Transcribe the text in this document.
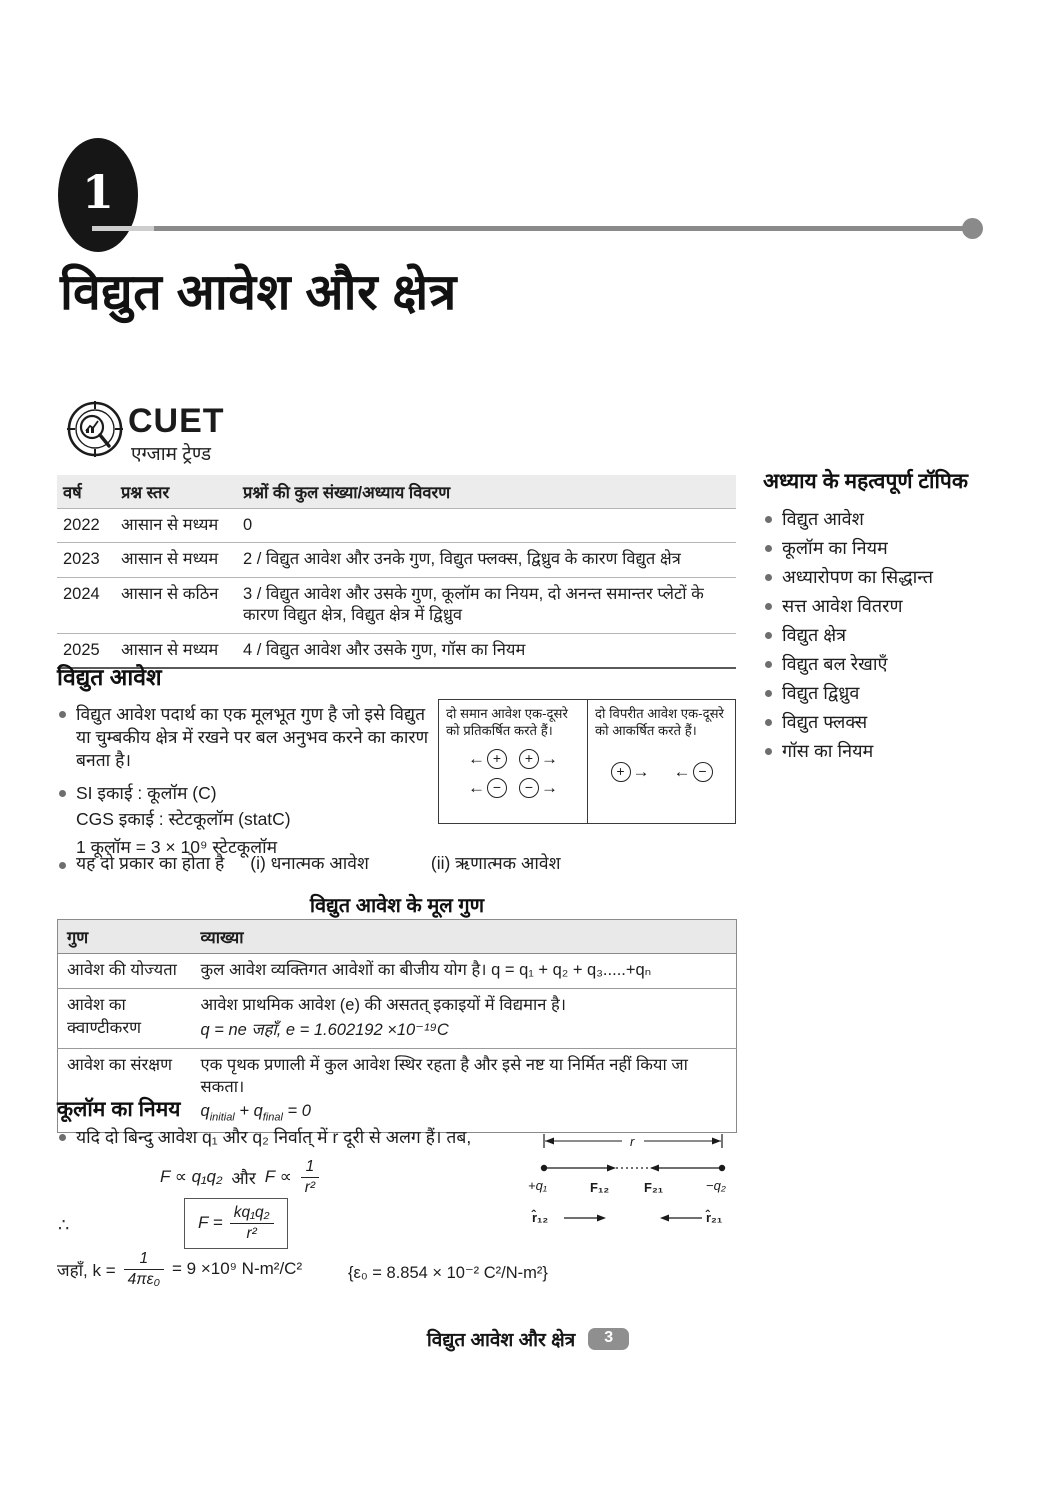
1
विद्युत आवेश और क्षेत्र
CUET
एग्जाम ट्रेण्ड
वर्ष	प्रश्न स्तर	प्रश्नों की कुल संख्या/अध्याय विवरण
2022	आसान से मध्यम	0
2023	आसान से मध्यम	2 / विद्युत आवेश और उनके गुण, विद्युत फ्लक्स, द्विध्रुव के कारण विद्युत क्षेत्र
2024	आसान से कठिन	3 / विद्युत आवेश और उसके गुण, कूलॉम का नियम, दो अनन्त समान्तर प्लेटों के कारण विद्युत क्षेत्र, विद्युत क्षेत्र में द्विध्रुव
2025	आसान से मध्यम	4 / विद्युत आवेश और उसके गुण, गॉस का नियम
अध्याय के महत्वपूर्ण टॉपिक
विद्युत आवेश
कूलॉम का नियम
अध्यारोपण का सिद्धान्त
सत्त आवेश वितरण
विद्युत क्षेत्र
विद्युत बल रेखाएँ
विद्युत द्विध्रुव
विद्युत फ्लक्स
गॉस का नियम
विद्युत आवेश
विद्युत आवेश पदार्थ का एक मूलभूत गुण है जो इसे विद्युत या चुम्बकीय क्षेत्र में रखने पर बल अनुभव करने का कारण बनता है।
SI इकाई : कूलॉम (C)
CGS इकाई : स्टेटकूलॉम (statC)
1 कूलॉम = 3 × 10⁹ स्टेटकूलॉम
यह दो प्रकार का होता है (i) धनात्मक आवेश	(ii) ऋणात्मक आवेश
दो समान आवेश एक-दूसरे को प्रतिकर्षित करते हैं।
← +	+ →
← −	− →
दो विपरीत आवेश एक-दूसरे को आकर्षित करते हैं।
+ → ← −
विद्युत आवेश के मूल गुण
गुण	व्याख्या
आवेश की योज्यता	कुल आवेश व्यक्तिगत आवेशों का बीजीय योग है। q = q₁ + q₂ + q₃.....+qₙ
आवेश का क्वाण्टीकरण	आवेश प्राथमिक आवेश (e) की असतत् इकाइयों में विद्यमान है।
q = ne जहाँ, e = 1.602192 ×10⁻¹⁹C

आवेश का संरक्षण	एक पृथक प्रणाली में कुल आवेश स्थिर रहता है और इसे नष्ट या निर्मित नहीं किया जा सकता।
$q_{initial} + q_{final} = 0$
कूलॉम का निमय
यदि दो बिन्दु आवेश q₁ और q₂ निर्वात् में r दूरी से अलग हैं। तब,
F ∝ q₁q₂ और $F \propto \frac{1}{\text{r²}}$
∴	$F = \frac{\text{kq₁q₂}}{\text{r²}}$
जहाँ, $k = \frac{1}{\text{4πε₀}} = 9 \times 10^9$ N-m²/C²	{ε₀ = 8.854 × 10⁻² C²/N-m²}
r
+q₁	F₁₂	F₂₁	−q₂
r̂₁₂	r̂₂₁
विद्युत आवेश और क्षेत्र	3
